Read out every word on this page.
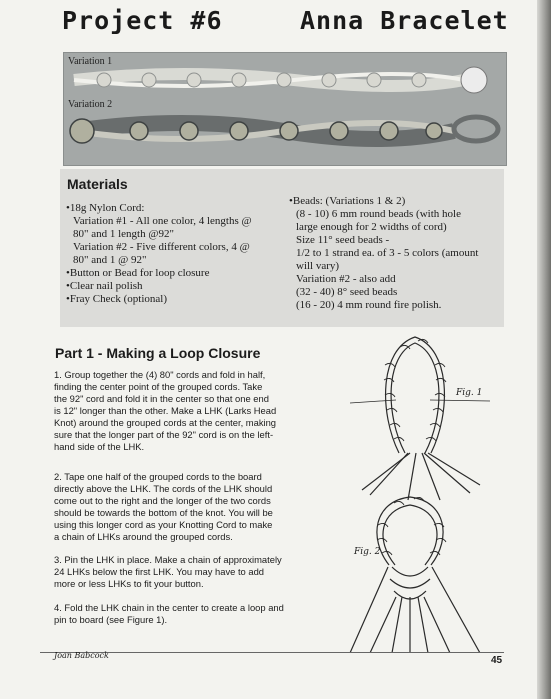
Project #6	Anna Bracelet
Variation 1
Variation 2
Materials
•18g Nylon Cord:
Variation #1 - All one color, 4 lengths @
80" and 1 length @92"
Variation #2 - Five different colors, 4 @
80" and 1 @ 92"
•Button or Bead for loop closure
•Clear nail polish
•Fray Check (optional)
•Beads: (Variations 1 & 2)
(8 - 10) 6 mm round beads (with hole
large enough for 2 widths of cord)
Size 11° seed beads -
1/2 to 1 strand ea. of 3 - 5 colors (amount
will vary)
Variation #2 - also add
(32 - 40) 8° seed beads
(16 - 20) 4 mm round fire polish.
Part 1 - Making a Loop Closure
1. Group together the (4) 80" cords and fold in half,
finding the center point of the grouped cords. Take
the 92" cord and fold it in the center so that one end
is 12" longer than the other. Make a LHK (Larks Head
Knot) around the grouped cords at the center, making
sure that the longer part of the 92" cord is on the left-
hand side of the LHK.
2. Tape one half of the grouped cords to the board
directly above the LHK. The cords of the LHK should
come out to the right and the longer of the two cords
should be towards the bottom of the knot. You will be
using this longer cord as your Knotting Cord to make
a chain of LHKs around the grouped cords.
3. Pin the LHK in place. Make a chain of approximately
24 LHKs below the first LHK. You may have to add
more or less LHKs to fit your button.
4. Fold the LHK chain in the center to create a loop and
pin to board (see Figure 1).
Fig. 1
Fig. 2
Joan Babcock	45
